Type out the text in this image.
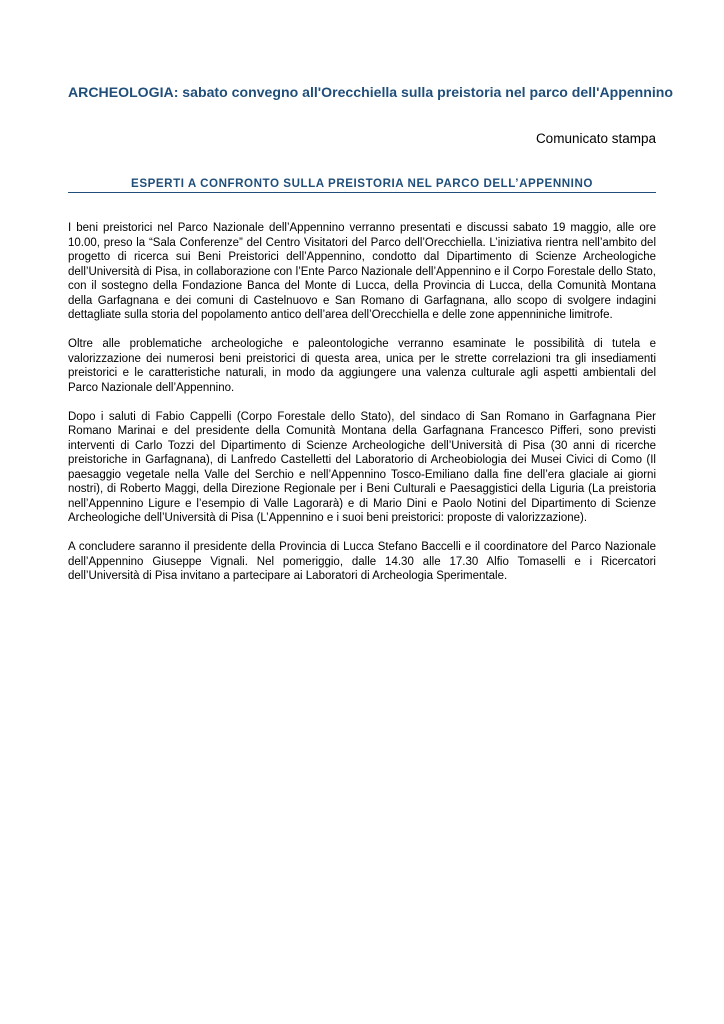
ARCHEOLOGIA: sabato convegno all'Orecchiella sulla preistoria nel parco dell'Appennino
Comunicato stampa
ESPERTI A CONFRONTO SULLA PREISTORIA NEL PARCO DELL’APPENNINO

I beni preistorici nel Parco Nazionale dell’Appennino verranno presentati e discussi sabato 19 maggio, alle ore 10.00, preso la “Sala Conferenze” del Centro Visitatori del Parco dell’Orecchiella. L’iniziativa rientra nell’ambito del progetto di ricerca sui Beni Preistorici dell’Appennino, condotto dal Dipartimento di Scienze Archeologiche dell’Università di Pisa, in collaborazione con l’Ente Parco Nazionale dell’Appennino e il Corpo Forestale dello Stato, con il sostegno della Fondazione Banca del Monte di Lucca, della Provincia di Lucca, della Comunità Montana della Garfagnana e dei comuni di Castelnuovo e San Romano di Garfagnana, allo scopo di svolgere indagini dettagliate sulla storia del popolamento antico dell’area dell’Orecchiella e delle zone appenniniche limitrofe.

Oltre alle problematiche archeologiche e paleontologiche verranno esaminate le possibilità di tutela e valorizzazione dei numerosi beni preistorici di questa area, unica per le strette correlazioni tra gli insediamenti preistorici e le caratteristiche naturali, in modo da aggiungere una valenza culturale agli aspetti ambientali del Parco Nazionale dell’Appennino.

Dopo i saluti di Fabio Cappelli (Corpo Forestale dello Stato), del sindaco di San Romano in Garfagnana Pier Romano Marinai e del presidente della Comunità Montana della Garfagnana Francesco Pifferi, sono previsti interventi di Carlo Tozzi del Dipartimento di Scienze Archeologiche dell’Università di Pisa (30 anni di ricerche preistoriche in Garfagnana), di Lanfredo Castelletti del Laboratorio di Archeobiologia dei Musei Civici di Como (Il paesaggio vegetale nella Valle del Serchio e nell’Appennino Tosco-Emiliano dalla fine dell’era glaciale ai giorni nostri), di Roberto Maggi, della Direzione Regionale per i Beni Culturali e Paesaggistici della Liguria (La preistoria nell’Appennino Ligure e l’esempio di Valle Lagorarà) e di Mario Dini e Paolo Notini del Dipartimento di Scienze Archeologiche dell’Università di Pisa (L’Appennino e i suoi beni preistorici: proposte di valorizzazione).

A concludere saranno il presidente della Provincia di Lucca Stefano Baccelli e il coordinatore del Parco Nazionale dell’Appennino Giuseppe Vignali. Nel pomeriggio, dalle 14.30 alle 17.30 Alfio Tomaselli e i Ricercatori dell’Università di Pisa invitano a partecipare ai Laboratori di Archeologia Sperimentale.
